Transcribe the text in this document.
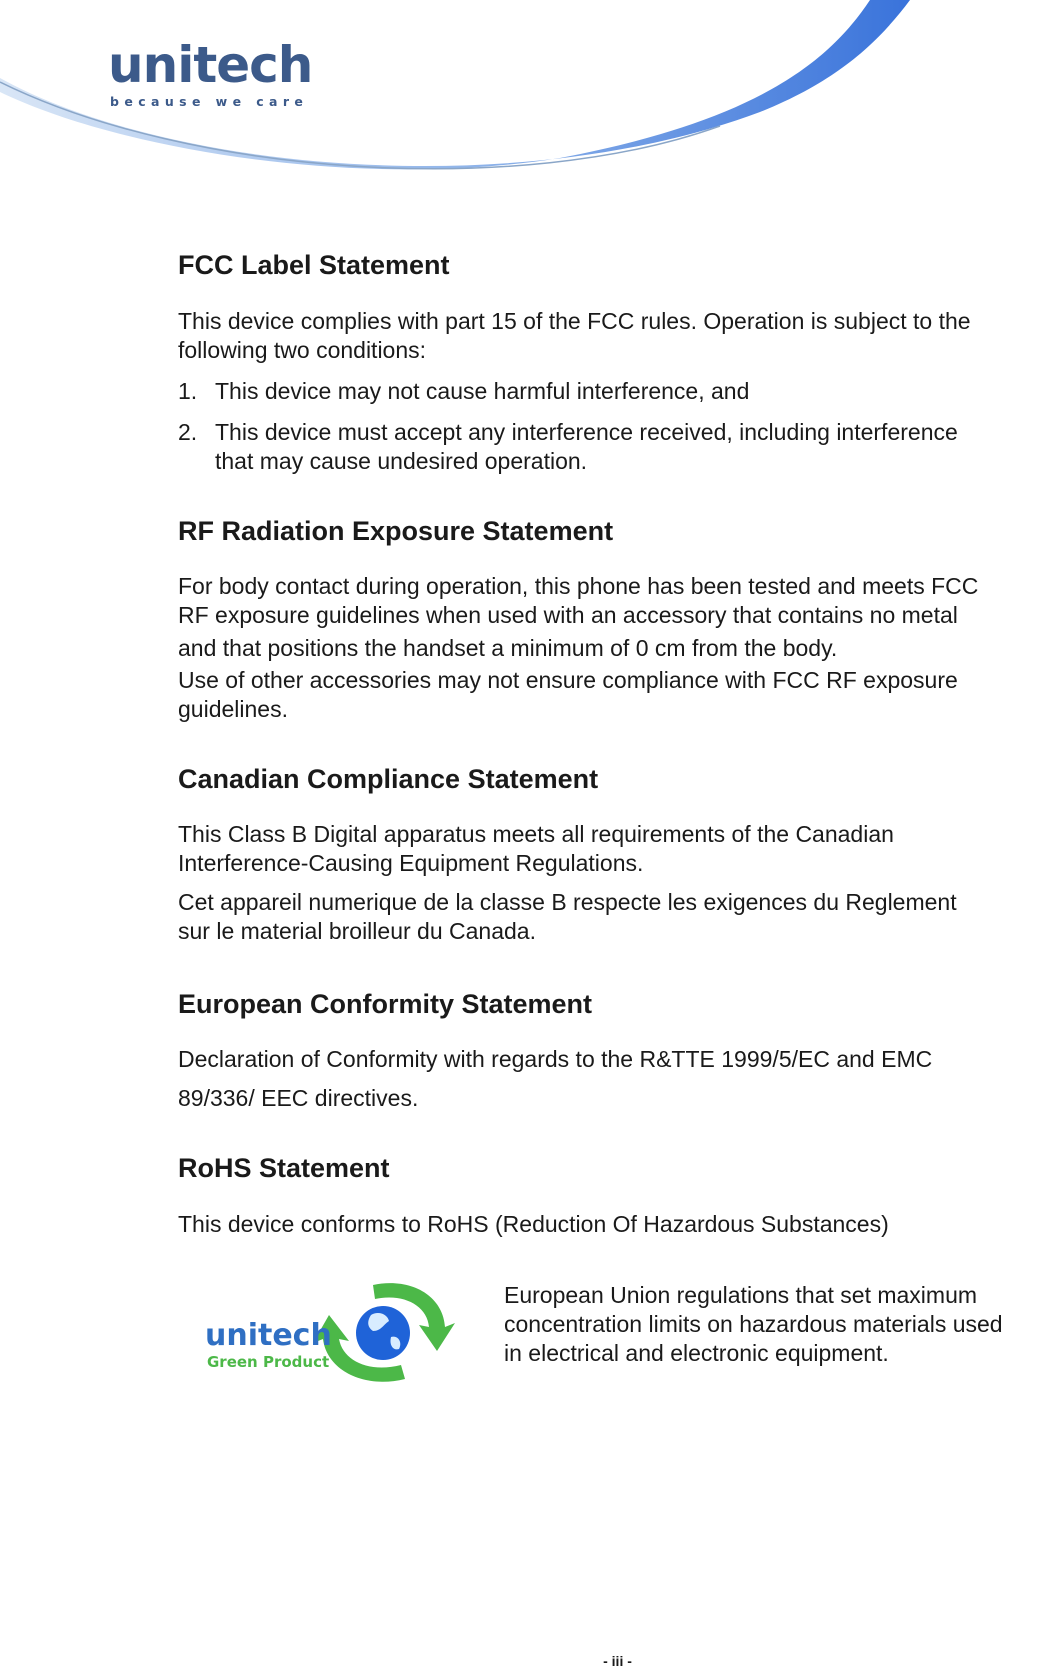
unitech
because we care
FCC Label Statement

This device complies with part 15 of the FCC rules. Operation is subject to the

following two conditions:

1. This device may not cause harmful interference, and
2. This device must accept any interference received, including interference
that may cause undesired operation.
RF Radiation Exposure Statement

For body contact during operation, this phone has been tested and meets FCC

RF exposure guidelines when used with an accessory that contains no metal

and that positions the handset a minimum of 0 cm from the body.

Use of other accessories may not ensure compliance with FCC RF exposure

guidelines.

Canadian Compliance Statement

This Class B Digital apparatus meets all requirements of the Canadian

Interference-Causing Equipment Regulations.

Cet appareil numerique de la classe B respecte les exigences du Reglement

sur le material broilleur du Canada.

European Conformity Statement

Declaration of Conformity with regards to the R&TTE 1999/5/EC and EMC

89/336/ EEC directives.

RoHS Statement

This device conforms to RoHS (Reduction Of Hazardous Substances)

unitech
Green Product
European Union regulations that set maximum
concentration limits on hazardous materials used
in electrical and electronic equipment.
- iii -
